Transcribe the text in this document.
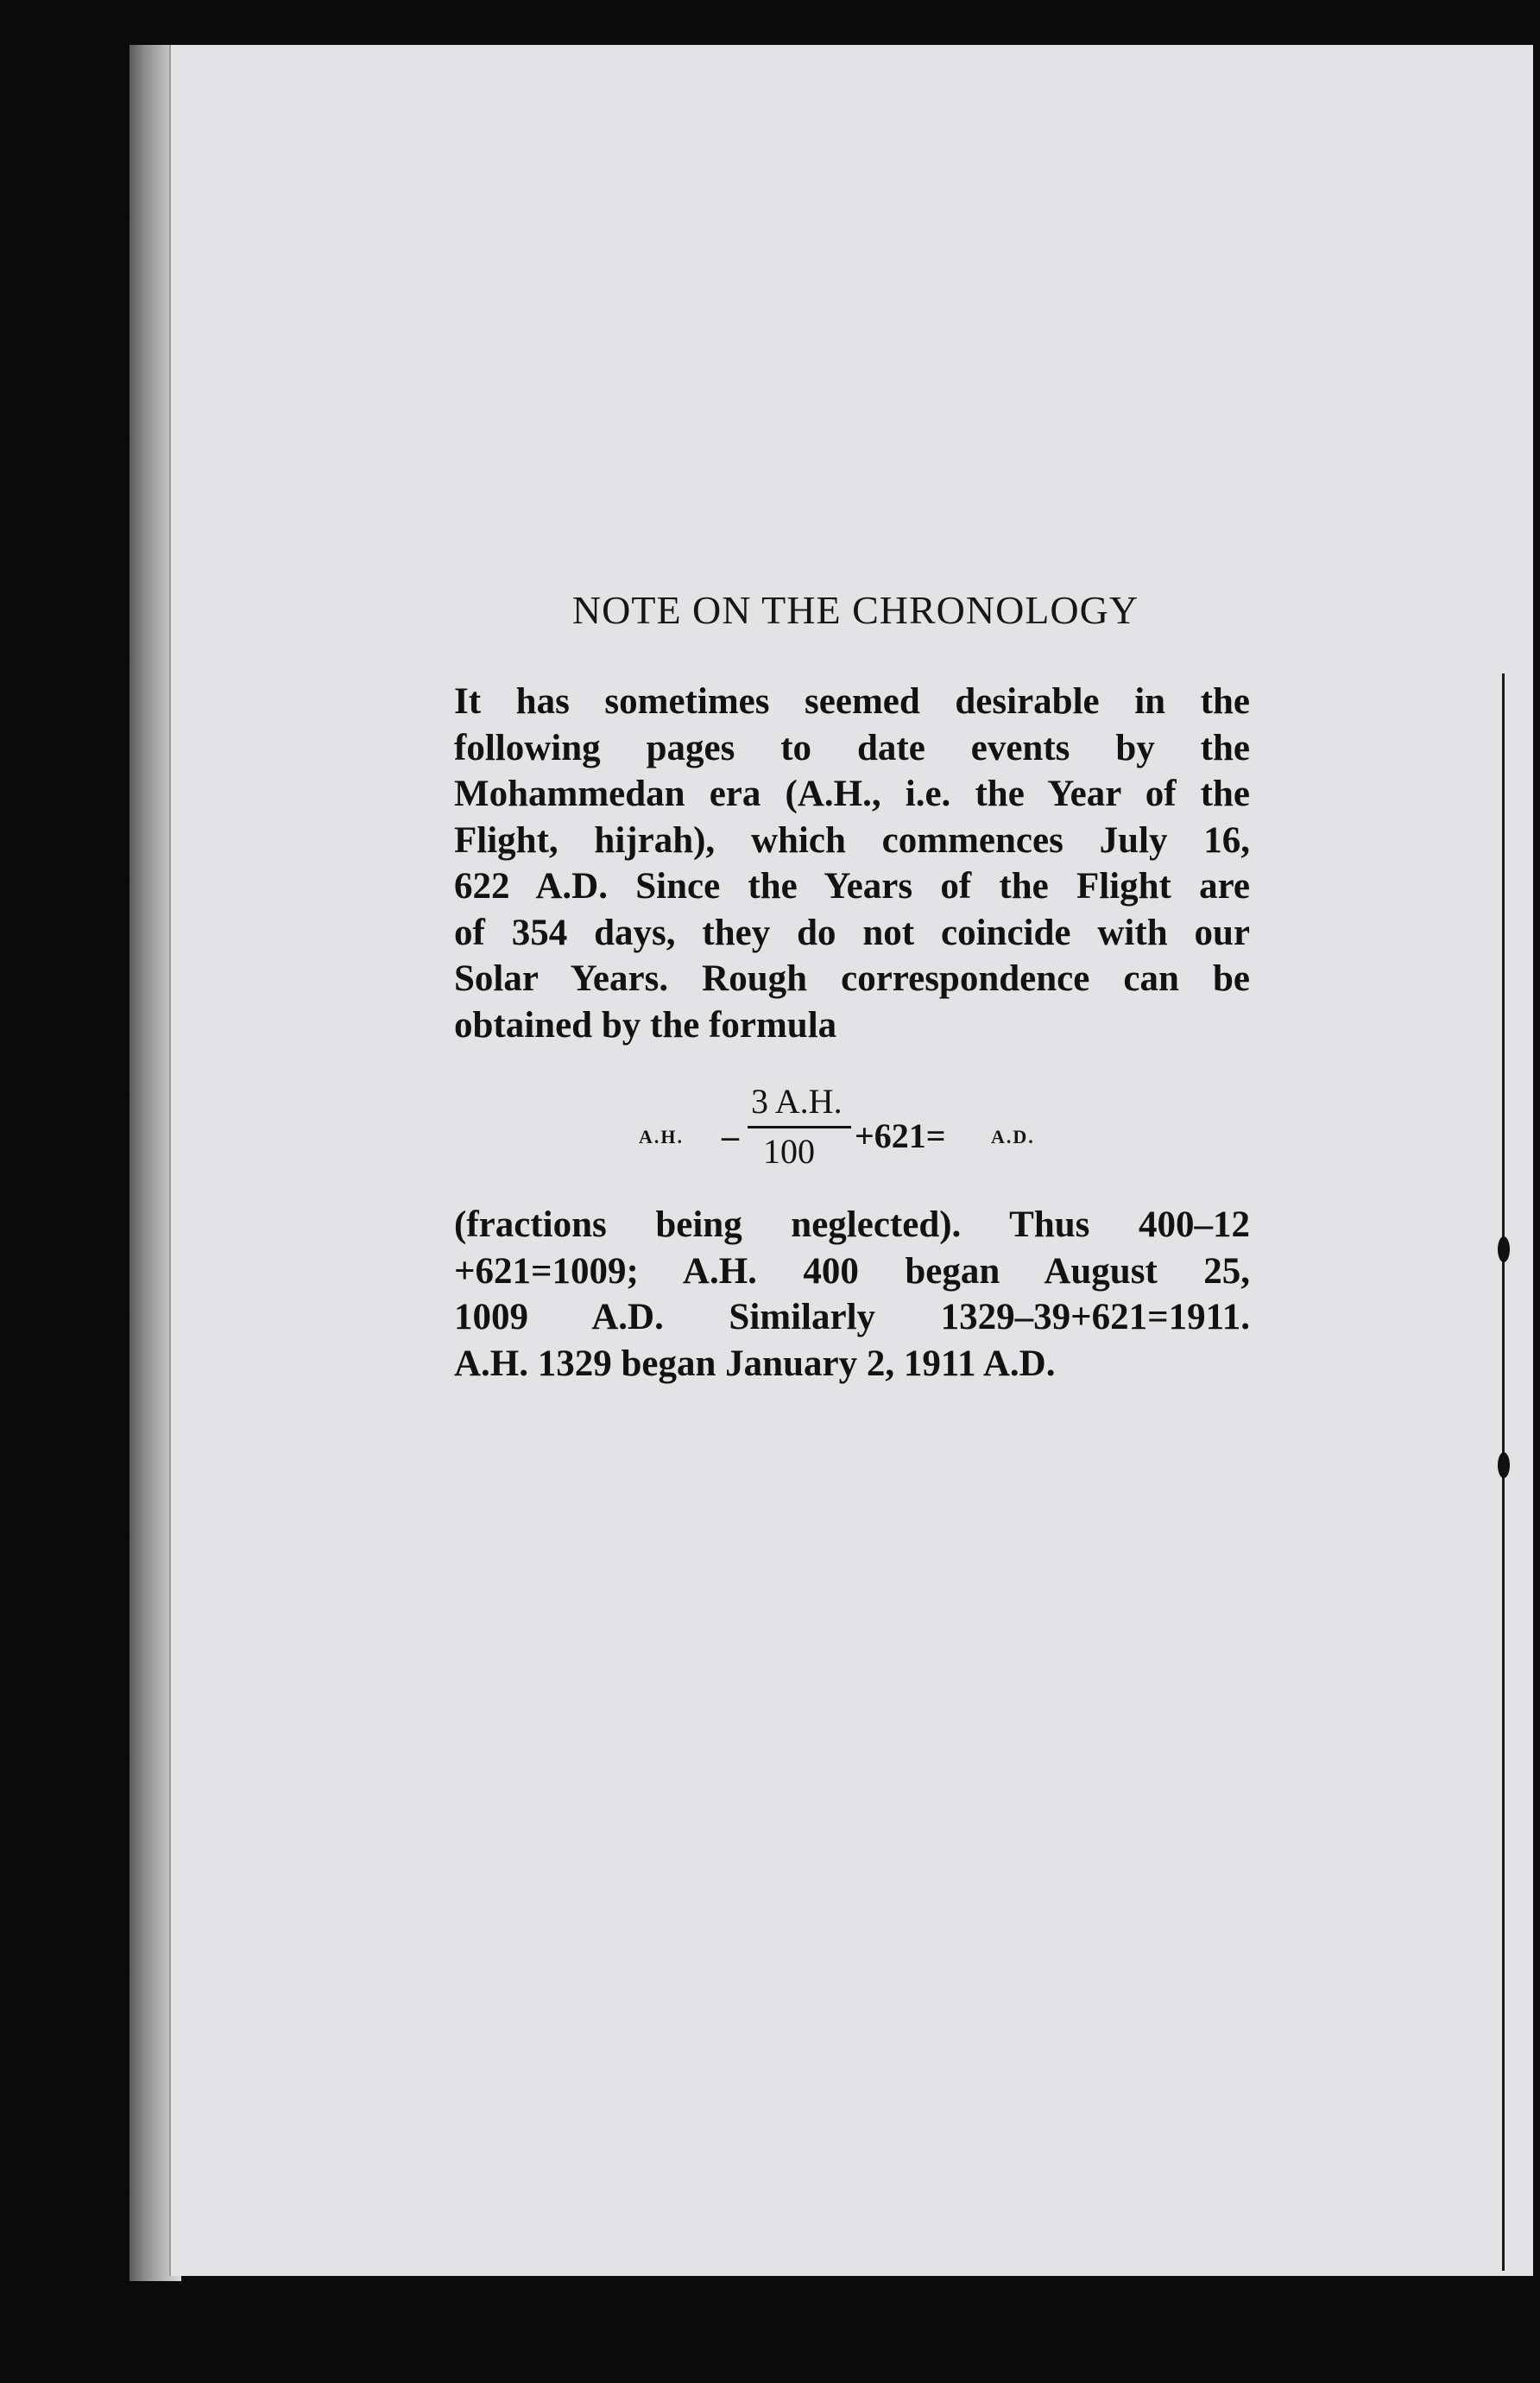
NOTE ON THE CHRONOLOGY
It has sometimes seemed desirable in the
following pages to date events by the
Mohammedan era (A.H., i.e. the Year of the
Flight, hijrah), which commences July 16,
622 A.D. Since the Years of the Flight are
of 354 days, they do not coincide with our
Solar Years. Rough correspondence can be
obtained by the formula
A.H. –
3 A.H.
100 +621= A.D.
(fractions being neglected). Thus 400–12
+621=1009; A.H. 400 began August 25,
1009 A.D. Similarly 1329–39+621=1911.
A.H. 1329 began January 2, 1911 A.D.
